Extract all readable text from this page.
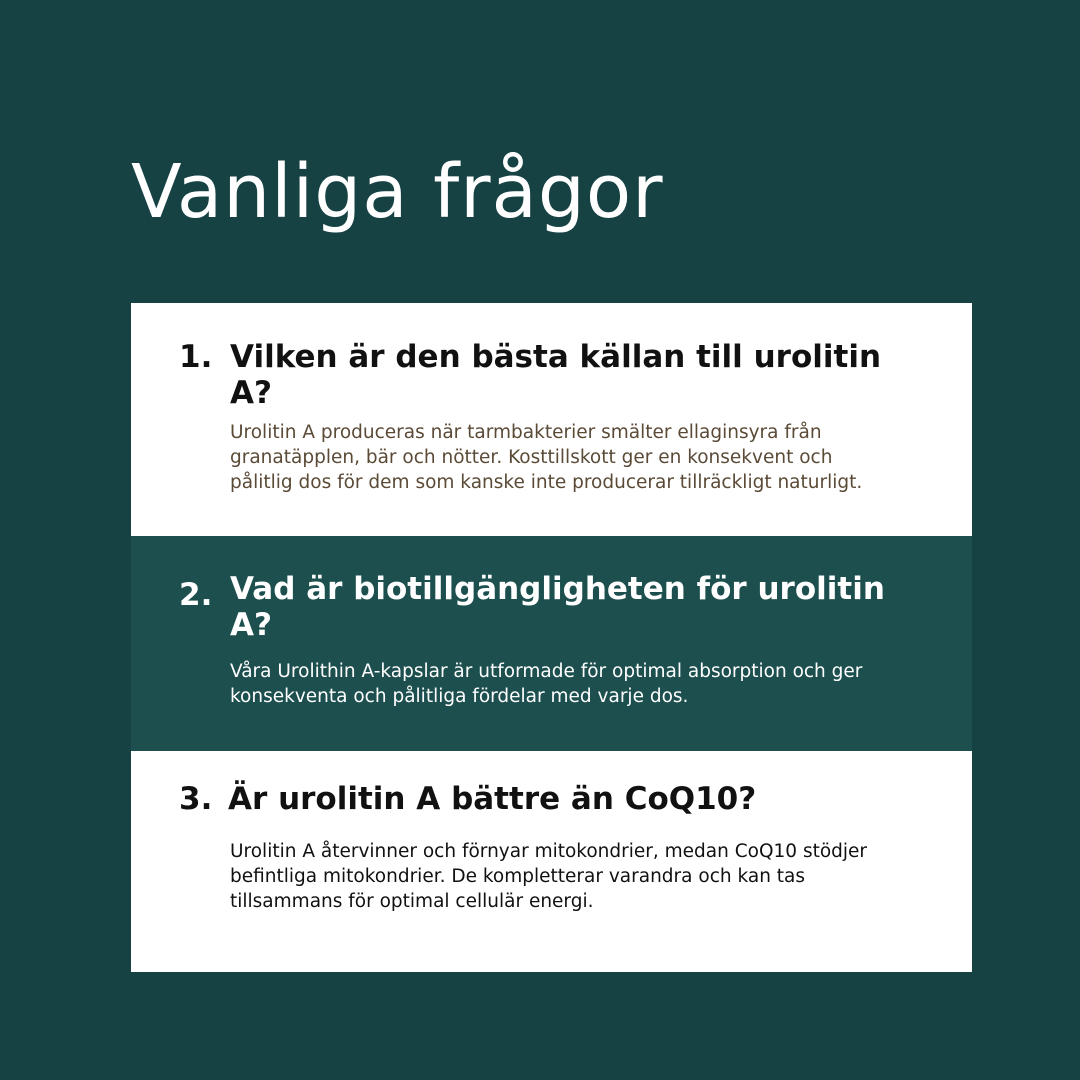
Vanliga frågor
1. Vilken är den bästa källan till urolitin A?

Urolitin A produceras när tarmbakterier smälter ellaginsyra från granatäpplen, bär och nötter. Kosttillskott ger en konsekvent och pålitlig dos för dem som kanske inte producerar tillräckligt naturligt.

2. Vad är biotillgängligheten för urolitin A?

Våra Urolithin A-kapslar är utformade för optimal absorption och ger konsekventa och pålitliga fördelar med varje dos.

3. Är urolitin A bättre än CoQ10?

Urolitin A återvinner och förnyar mitokondrier, medan CoQ10 stödjer befintliga mitokondrier. De kompletterar varandra och kan tas tillsammans för optimal cellulär energi.
